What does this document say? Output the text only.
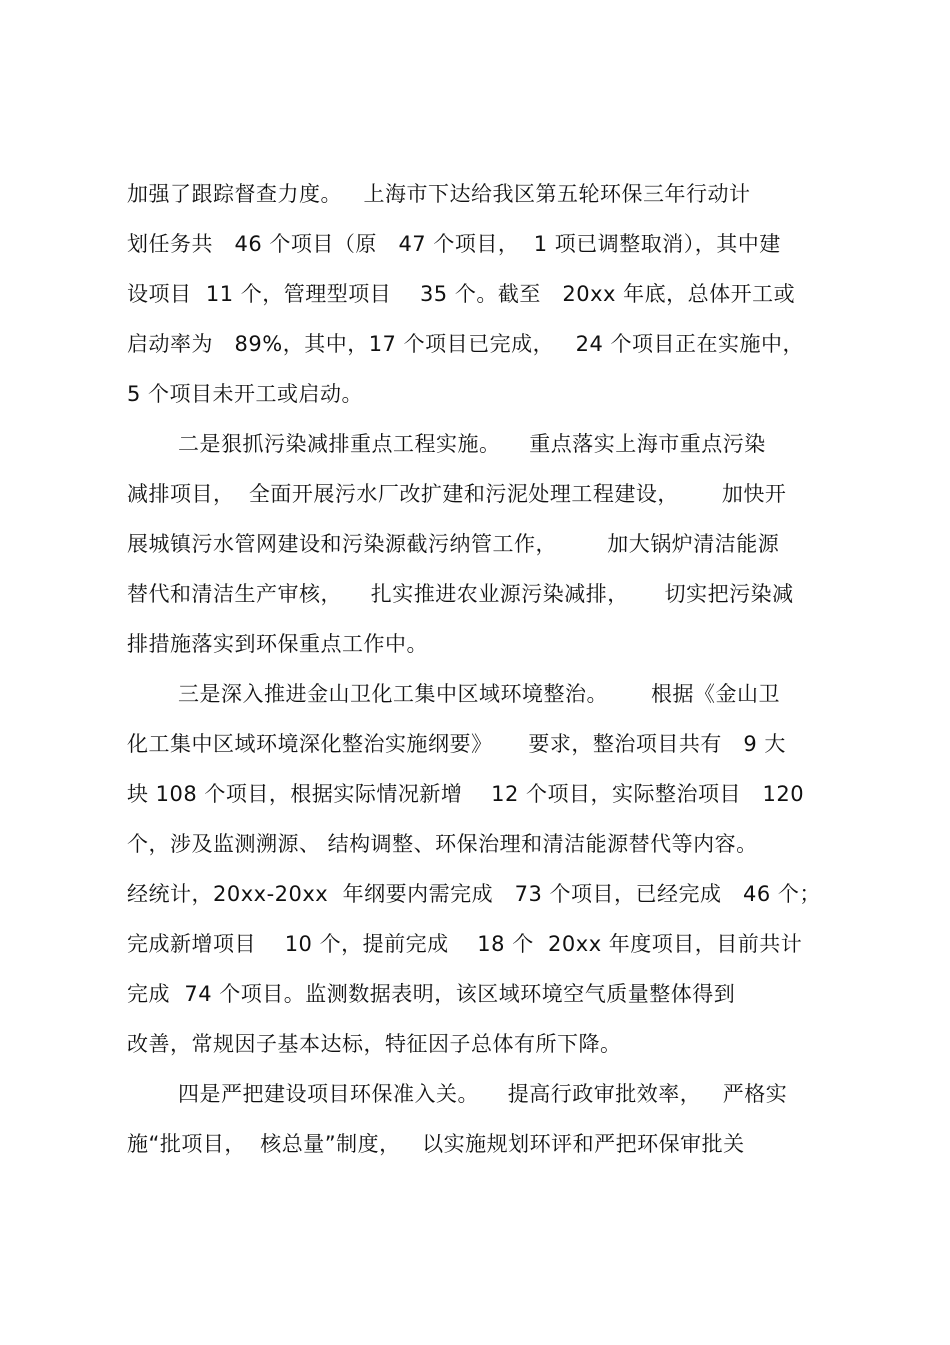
加强了跟踪督查力度。   上海市下达给我区第五轮环保三年行动计
划任务共   46 个项目（原   47 个项目，  1 项已调整取消），其中建
设项目  11 个，管理型项目    35 个。截至   20xx 年底，总体开工或
启动率为   89%，其中，17 个项目已完成，   24 个项目正在实施中，
5 个项目未开工或启动。
二是狠抓污染减排重点工程实施。    重点落实上海市重点污染
减排项目，  全面开展污水厂改扩建和污泥处理工程建设，      加快开
展城镇污水管网建设和污染源截污纳管工作，       加大锅炉清洁能源
替代和清洁生产审核，    扎实推进农业源污染减排，     切实把污染减
排措施落实到环保重点工作中。
三是深入推进金山卫化工集中区域环境整治。      根据《金山卫
化工集中区域环境深化整治实施纲要》     要求，整治项目共有   9 大
块 108 个项目，根据实际情况新增    12 个项目，实际整治项目   120
个，涉及监测溯源、 结构调整、环保治理和清洁能源替代等内容。
经统计，20xx-20xx  年纲要内需完成   73 个项目，已经完成   46 个；
完成新增项目    10 个，提前完成    18 个  20xx 年度项目，目前共计
完成  74 个项目。监测数据表明，该区域环境空气质量整体得到
改善，常规因子基本达标，特征因子总体有所下降。
四是严把建设项目环保准入关。    提高行政审批效率，   严格实
施“批项目，  核总量”制度，   以实施规划环评和严把环保审批关
